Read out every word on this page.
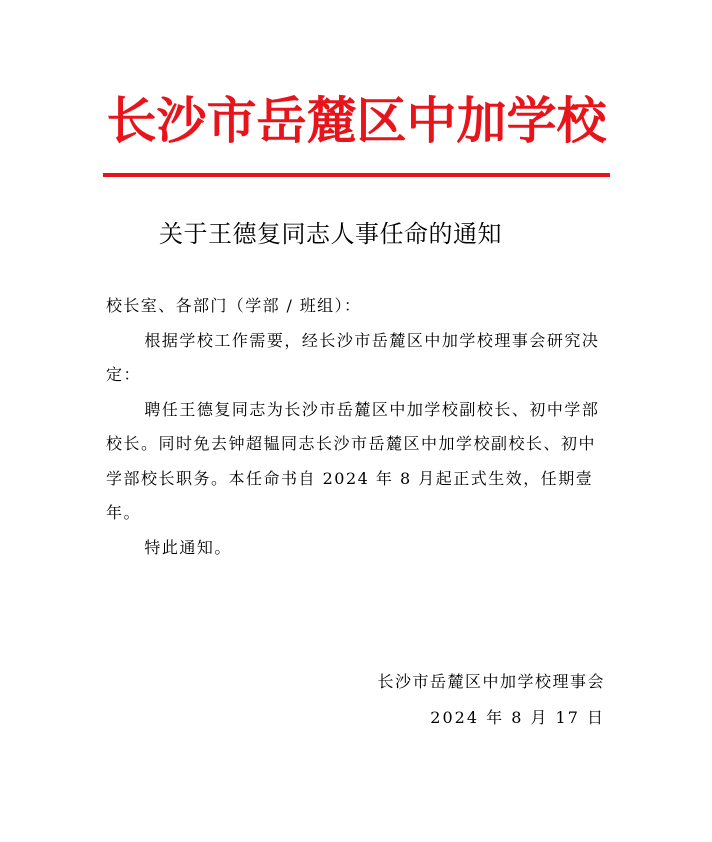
长沙市岳麓区中加学校
关于王德复同志人事任命的通知

校长室、各部门（学部 / 班组）：

根据学校工作需要，经长沙市岳麓区中加学校理事会研究决定：

聘任王德复同志为长沙市岳麓区中加学校副校长、初中学部校长。同时免去钟超韫同志长沙市岳麓区中加学校副校长、初中学部校长职务。本任命书自 2024 年 8 月起正式生效，任期壹年。

特此通知。

长沙市岳麓区中加学校理事会
2024 年 8 月 17 日
